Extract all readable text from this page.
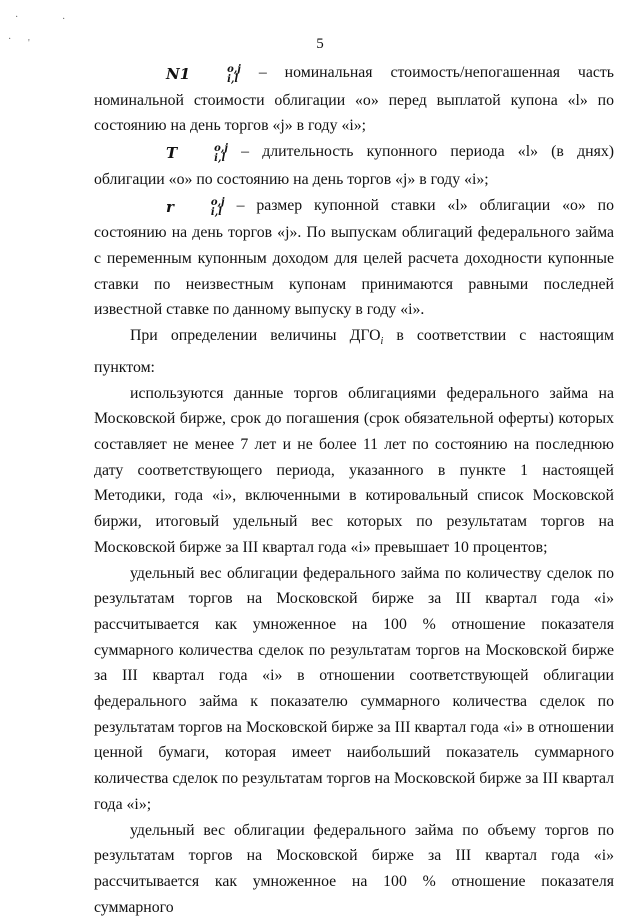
·	·
· '	5

N1	o,j
i,l – номинальная стоимость/непогашенная часть номинальной стоимости облигации «о» перед выплатой купона «l» по состоянию на день торгов «j» в году «i»;

T	o,j
i,l – длительность купонного периода «l» (в днях) облигации «о» по состоянию на день торгов «j» в году «i»;

r	o,j
i,l – размер купонной ставки «l» облигации «о» по состоянию на день торгов «j». По выпускам облигаций федерального займа с переменным купонным доходом для целей расчета доходности купонные ставки по неизвестным купонам принимаются равными последней известной ставке по данному выпуску в году «i».

При определении величины $ДГО_i$ в соответствии с настоящим пунктом:

используются данные торгов облигациями федерального займа на Московской бирже, срок до погашения (срок обязательной оферты) которых составляет не менее 7 лет и не более 11 лет по состоянию на последнюю дату соответствующего периода, указанного в пункте 1 настоящей Методики, года «i», включенными в котировальный список Московской биржи, итоговый удельный вес которых по результатам торгов на Московской бирже за III квартал года «i» превышает 10 процентов;

удельный вес облигации федерального займа по количеству сделок по результатам торгов на Московской бирже за III квартал года «i» рассчитывается как умноженное на 100 % отношение показателя суммарного количества сделок по результатам торгов на Московской бирже за III квартал года «i» в отношении соответствующей облигации федерального займа к показателю суммарного количества сделок по результатам торгов на Московской бирже за III квартал года «i» в отношении ценной бумаги, которая имеет наибольший показатель суммарного количества сделок по результатам торгов на Московской бирже за III квартал года «i»;

удельный вес облигации федерального займа по объему торгов по результатам торгов на Московской бирже за III квартал года «i» рассчитывается как умноженное на 100 % отношение показателя суммарного
